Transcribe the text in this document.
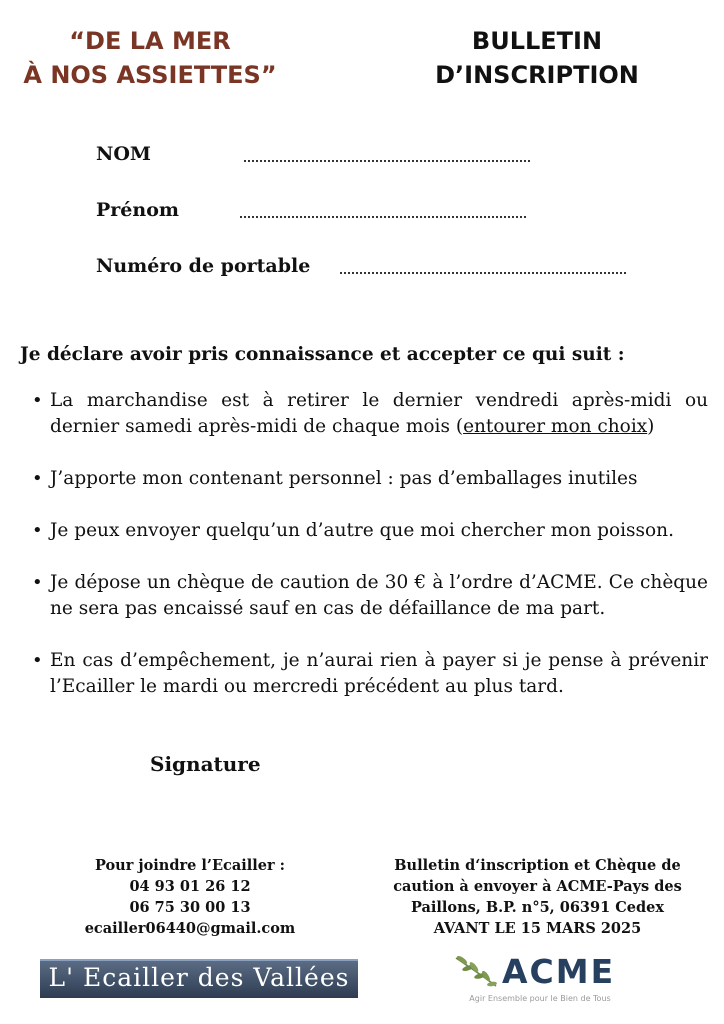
“DE LA MER
À NOS ASSIETTES”
BULLETIN
D’INSCRIPTION
NOM
Prénom
Numéro de portable
Je déclare avoir pris connaissance et accepter ce qui suit :
• La marchandise est à retirer le dernier vendredi après-midi ou dernier samedi après-midi de chaque mois (entourer mon choix)
• J’apporte mon contenant personnel : pas d’emballages inutiles
• Je peux envoyer quelqu’un d’autre que moi chercher mon poisson.
• Je dépose un chèque de caution de 30 € à l’ordre d’ACME. Ce chèque ne sera pas encaissé sauf en cas de défaillance de ma part.
• En cas d’empêchement, je n’aurai rien à payer si je pense à prévenir l’Ecailler le mardi ou mercredi précédent au plus tard.
Signature
Pour joindre l’Ecailler :
04 93 01 26 12
06 75 30 00 13
ecailler06440@gmail.com
Bulletin d‘inscription et Chèque de
caution à envoyer à ACME-Pays des
Paillons, B.P. n°5, 06391 Cedex
AVANT LE 15 MARS 2025
L' Ecailler des Vallées	ACME
Agir Ensemble pour le Bien de Tous
